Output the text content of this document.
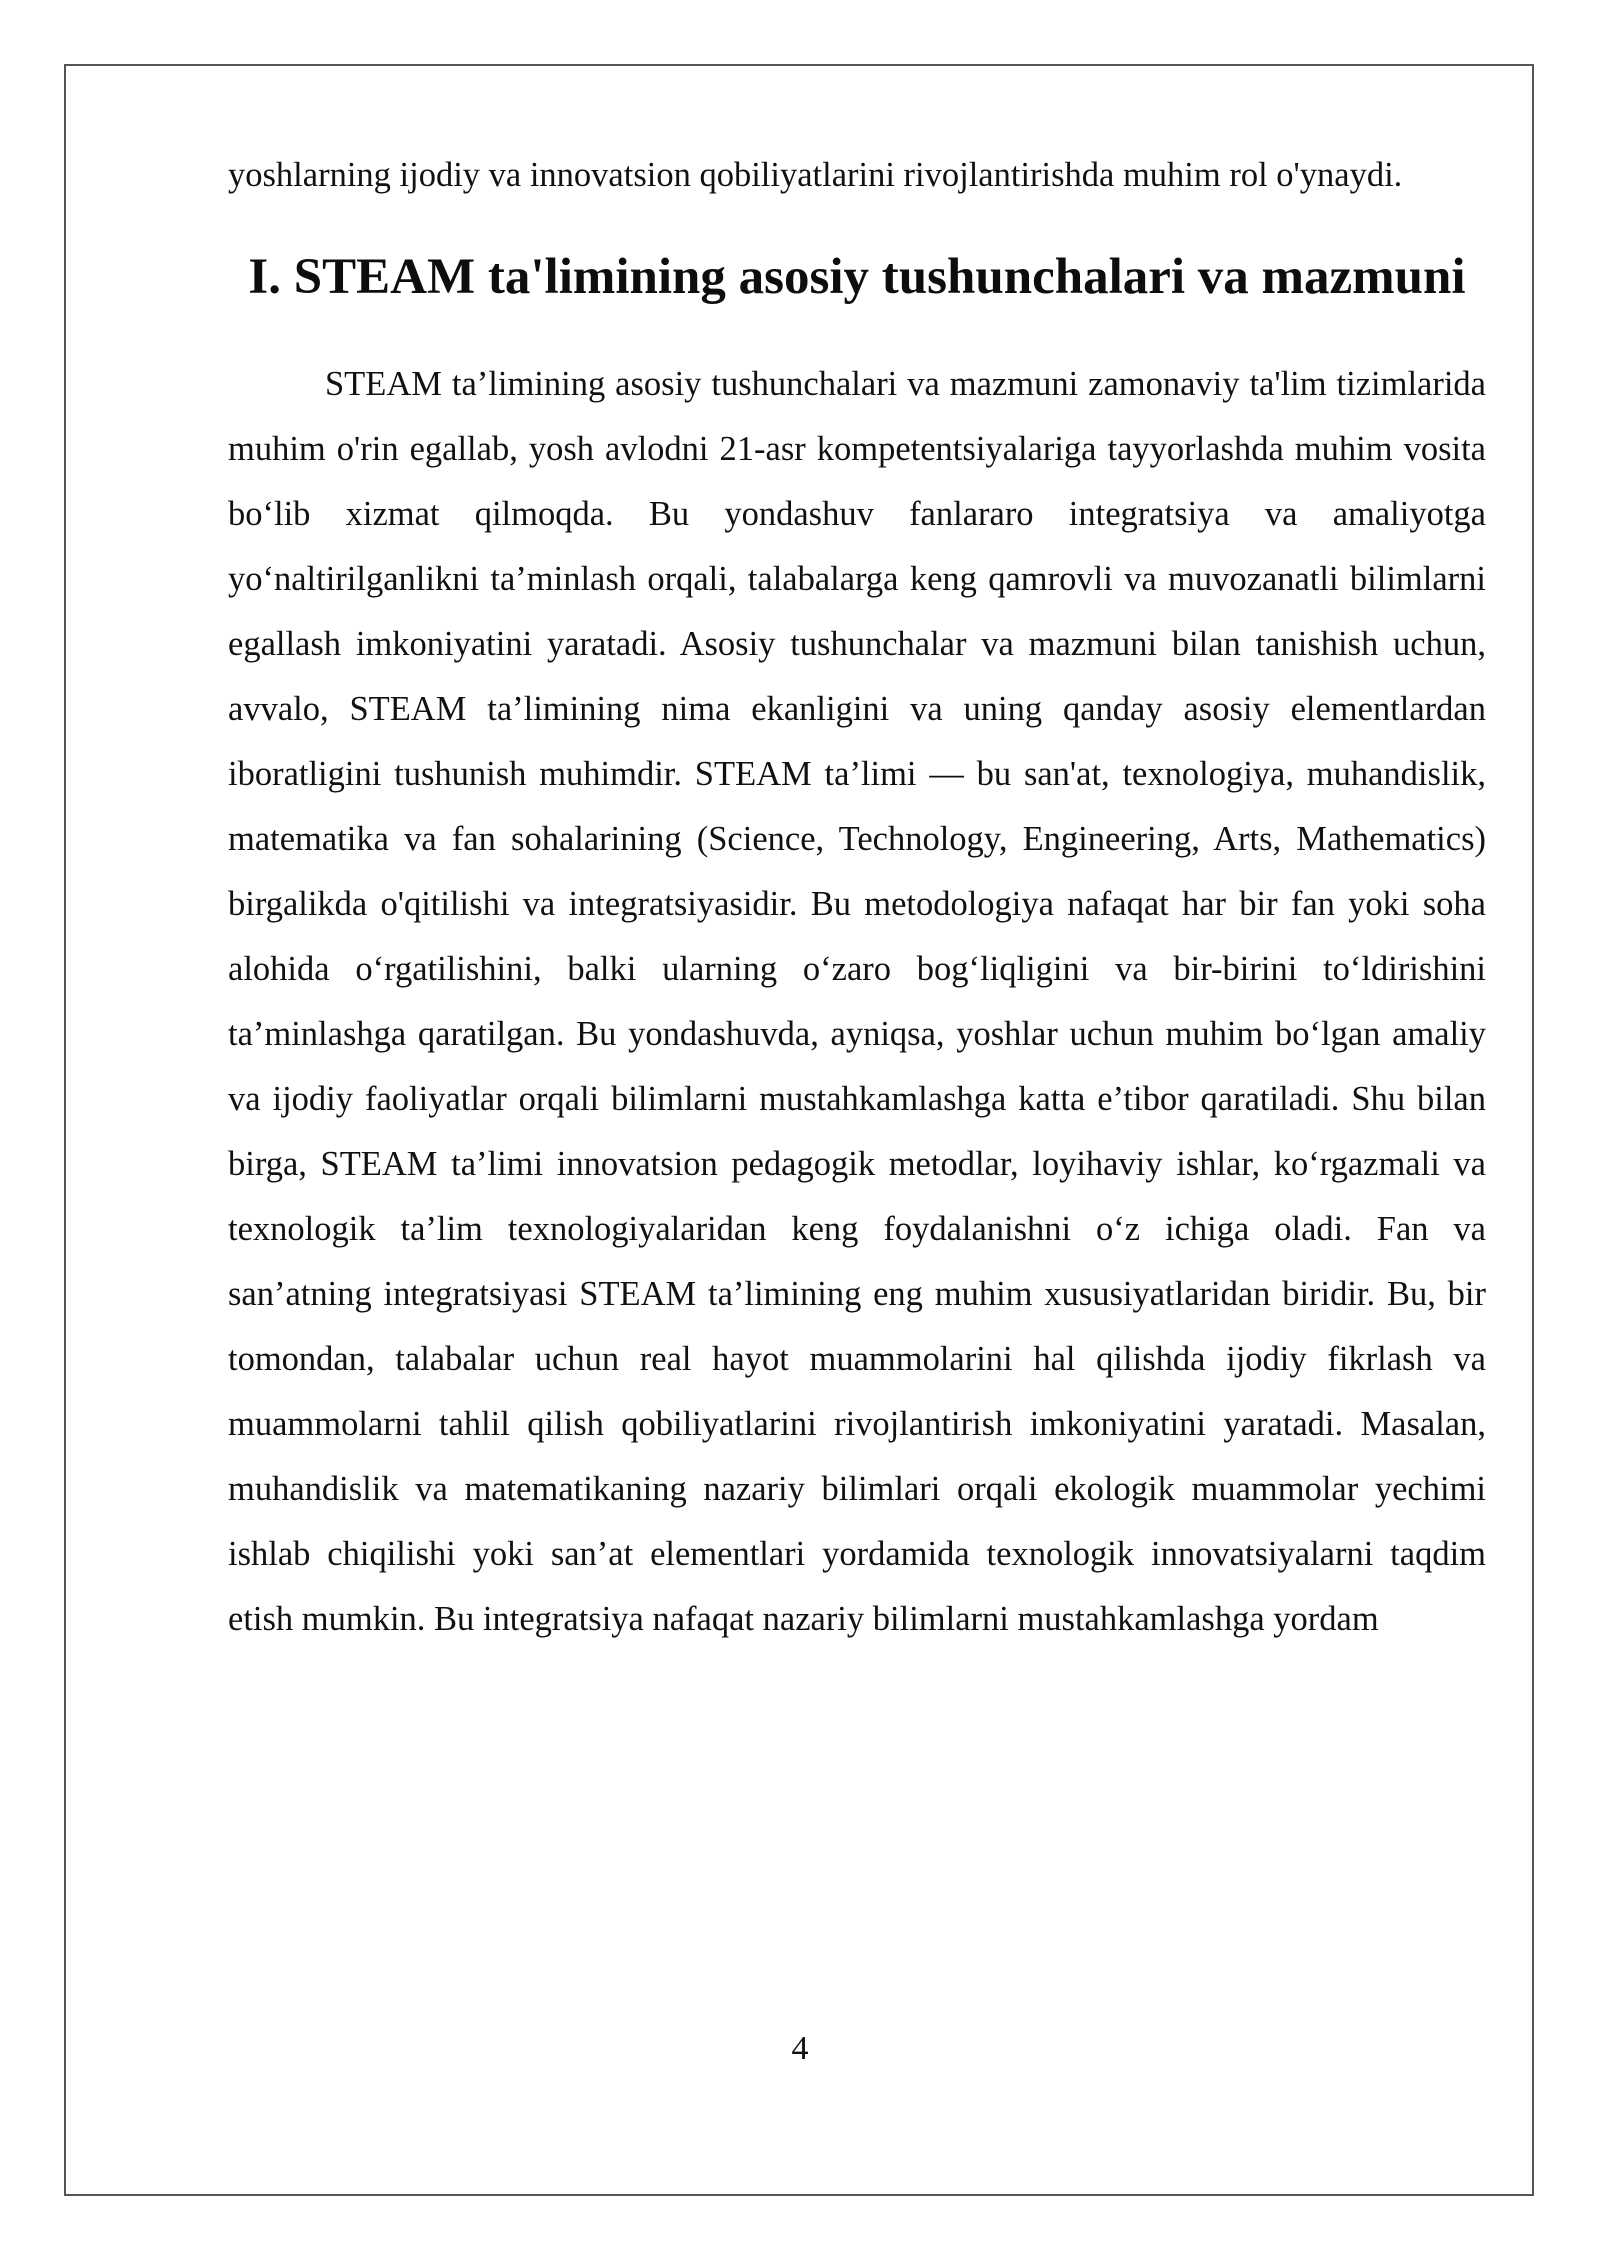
yoshlarning ijodiy va innovatsion qobiliyatlarini rivojlantirishda muhim rol o'ynaydi.

I. STEAM ta'limining asosiy tushunchalari va mazmuni

STEAM ta’limining asosiy tushunchalari va mazmuni zamonaviy ta'lim tizimlarida muhim o'rin egallab, yosh avlodni 21-asr kompetentsiyalariga tayyorlashda muhim vosita bo‘lib xizmat qilmoqda. Bu yondashuv fanlararo integratsiya va amaliyotga yo‘naltirilganlikni ta’minlash orqali, talabalarga keng qamrovli va muvozanatli bilimlarni egallash imkoniyatini yaratadi. Asosiy tushunchalar va mazmuni bilan tanishish uchun, avvalo, STEAM ta’limining nima ekanligini va uning qanday asosiy elementlardan iboratligini tushunish muhimdir. STEAM ta’limi — bu san'at, texnologiya, muhandislik, matematika va fan sohalarining (Science, Technology, Engineering, Arts, Mathematics) birgalikda o'qitilishi va integratsiyasidir. Bu metodologiya nafaqat har bir fan yoki soha alohida o‘rgatilishini, balki ularning o‘zaro bog‘liqligini va bir-birini to‘ldirishini ta’minlashga qaratilgan. Bu yondashuvda, ayniqsa, yoshlar uchun muhim bo‘lgan amaliy va ijodiy faoliyatlar orqali bilimlarni mustahkamlashga katta e’tibor qaratiladi. Shu bilan birga, STEAM ta’limi innovatsion pedagogik metodlar, loyihaviy ishlar, ko‘rgazmali va texnologik ta’lim texnologiyalaridan keng foydalanishni o‘z ichiga oladi. Fan va san’atning integratsiyasi STEAM ta’limining eng muhim xususiyatlaridan biridir. Bu, bir tomondan, talabalar uchun real hayot muammolarini hal qilishda ijodiy fikrlash va muammolarni tahlil qilish qobiliyatlarini rivojlantirish imkoniyatini yaratadi. Masalan, muhandislik va matematikaning nazariy bilimlari orqali ekologik muammolar yechimi ishlab chiqilishi yoki san’at elementlari yordamida texnologik innovatsiyalarni taqdim etish mumkin. Bu integratsiya nafaqat nazariy bilimlarni mustahkamlashga yordam

4
